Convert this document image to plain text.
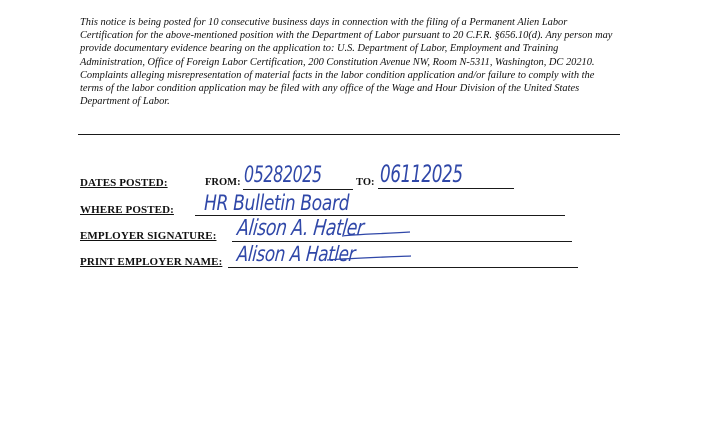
This notice is being posted for 10 consecutive business days in connection with the filing of a Permanent Alien Labor Certification for the above-mentioned position with the Department of Labor pursuant to 20 C.F.R. §656.10(d). Any person may provide documentary evidence bearing on the application to: U.S. Department of Labor, Employment and Training Administration, Office of Foreign Labor Certification, 200 Constitution Avenue NW, Room N-5311, Washington, DC 20210. Complaints alleging misrepresentation of material facts in the labor condition application and/or failure to comply with the terms of the labor condition application may be filed with any office of the Wage and Hour Division of the United States Department of Labor.

DATES POSTED:	FROM: 05282025	TO: 06112025
WHERE POSTED: HR Bulletin Board
EMPLOYER SIGNATURE: Alison A. Hatler
PRINT EMPLOYER NAME: Alison A Hatler
